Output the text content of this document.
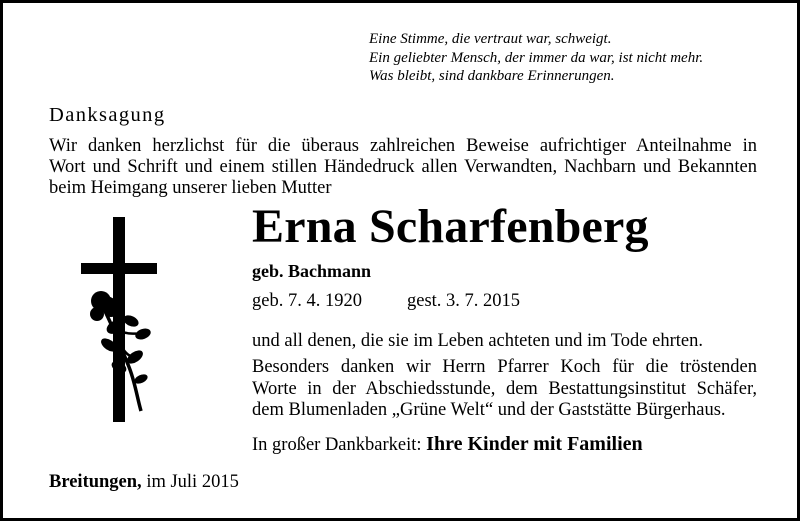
Eine Stimme, die vertraut war, schweigt.
Ein geliebter Mensch, der immer da war, ist nicht mehr.
Was bleibt, sind dankbare Erinnerungen.
Danksagung
Wir danken herzlichst für die überaus zahlreichen Beweise aufrichtiger Anteilnahme in
Wort und Schrift und einem stillen Händedruck allen Verwandten, Nachbarn und Bekannten
beim Heimgang unserer lieben Mutter
Erna Scharfenberg
geb. Bachmann
geb. 7. 4. 1920 gest. 3. 7. 2015
und all denen, die sie im Leben achteten und im Tode ehrten.
Besonders danken wir Herrn Pfarrer Koch für die tröstenden
Worte in der Abschiedsstunde, dem Bestattungsinstitut Schäfer,
dem Blumenladen „Grüne Welt“ und der Gaststätte Bürgerhaus.
In großer Dankbarkeit: Ihre Kinder mit Familien
Breitungen, im Juli 2015
